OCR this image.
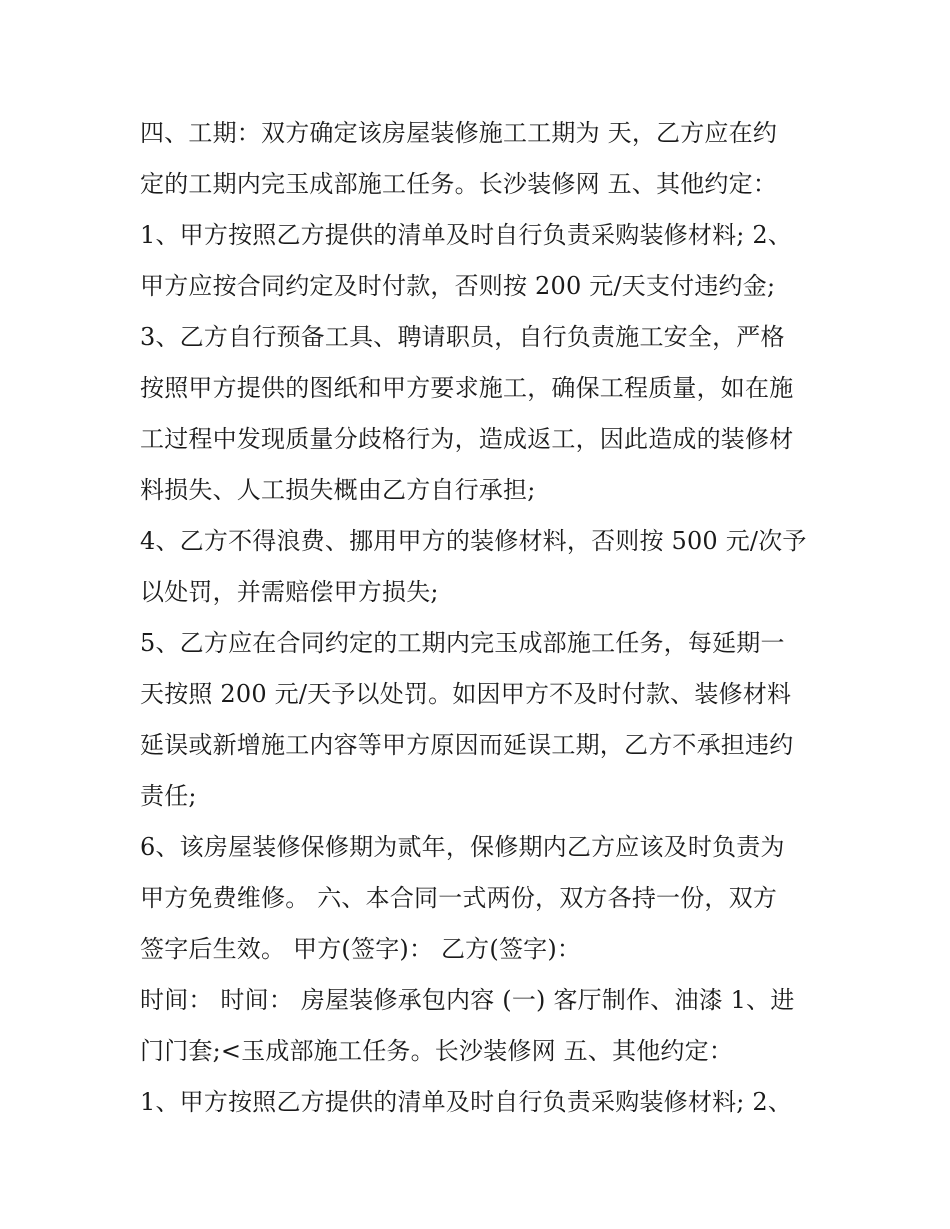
四、工期：双方确定该房屋装修施工工期为 天，乙方应在约
定的工期内完玉成部施工任务。长沙装修网 五、其他约定：
1、甲方按照乙方提供的清单及时自行负责采购装修材料; 2、
甲方应按合同约定及时付款，否则按 200 元/天支付违约金;
3、乙方自行预备工具、聘请职员，自行负责施工安全，严格
按照甲方提供的图纸和甲方要求施工，确保工程质量，如在施
工过程中发现质量分歧格行为，造成返工，因此造成的装修材
料损失、人工损失概由乙方自行承担;
4、乙方不得浪费、挪用甲方的装修材料，否则按 500 元/次予
以处罚，并需赔偿甲方损失;
5、乙方应在合同约定的工期内完玉成部施工任务，每延期一
天按照 200 元/天予以处罚。如因甲方不及时付款、装修材料
延误或新增施工内容等甲方原因而延误工期，乙方不承担违约
责任;
6、该房屋装修保修期为贰年，保修期内乙方应该及时负责为
甲方免费维修。 六、本合同一式两份，双方各持一份，双方
签字后生效。 甲方(签字)： 乙方(签字)：
时间： 时间： 房屋装修承包内容 (一) 客厅制作、油漆 1、进
门门套;<玉成部施工任务。长沙装修网 五、其他约定：
1、甲方按照乙方提供的清单及时自行负责采购装修材料; 2、
